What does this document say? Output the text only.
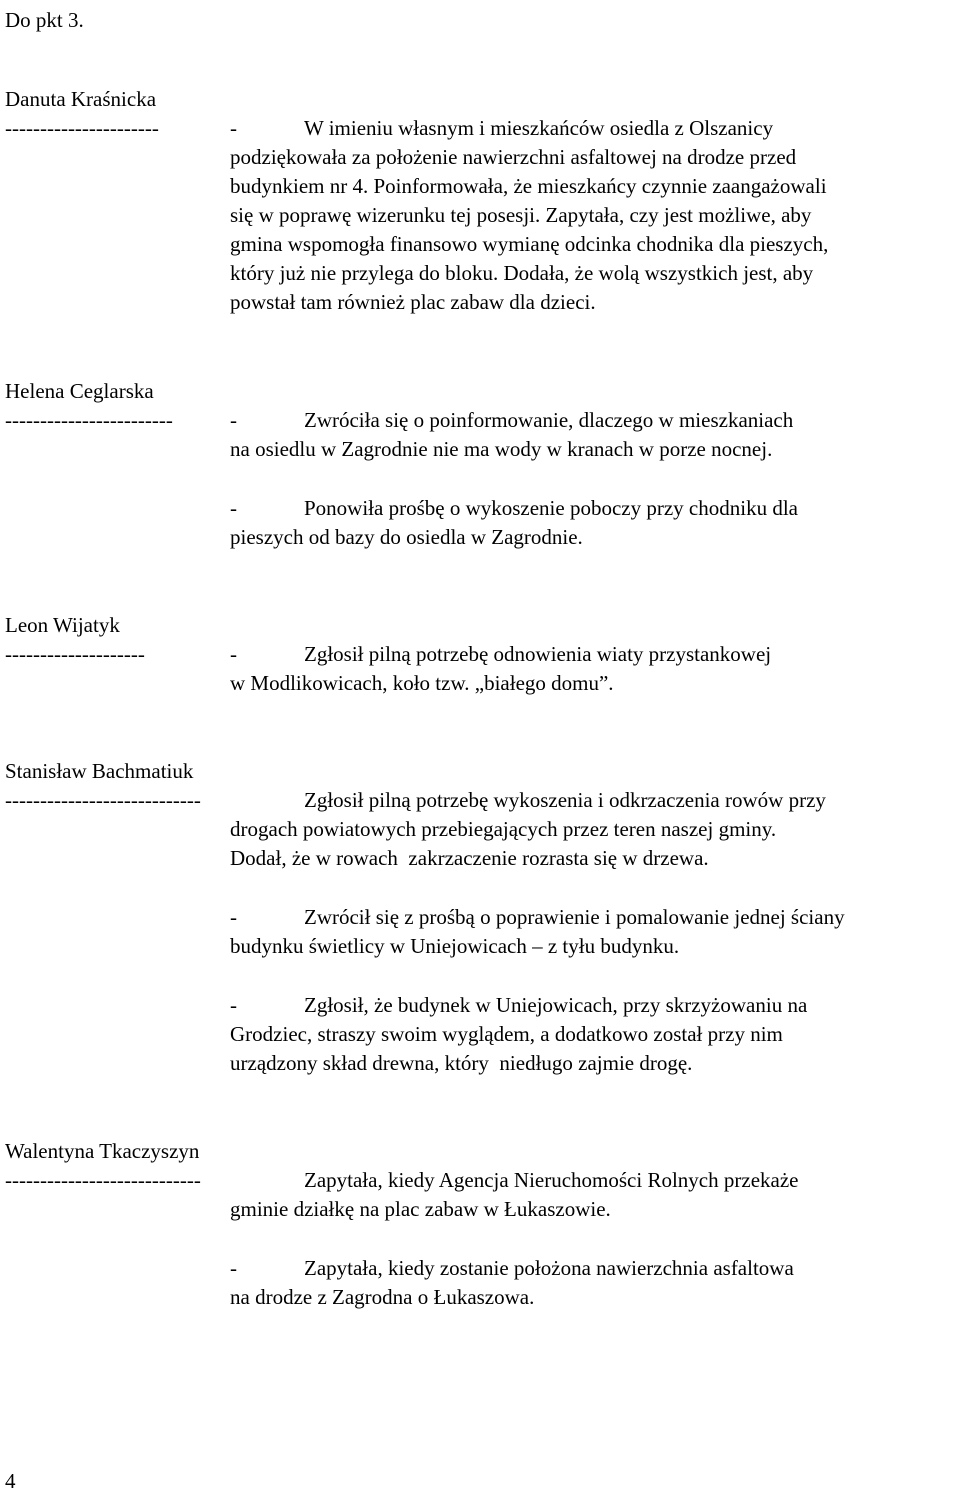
Do pkt 3.
Danuta Kraśnicka
----------------------	-	W imieniu własnym i mieszkańców osiedla z Olszanicy
podziękowała za położenie nawierzchni asfaltowej na drodze przed
budynkiem nr 4. Poinformowała, że mieszkańcy czynnie zaangażowali
się w poprawę wizerunku tej posesji. Zapytała, czy jest możliwe, aby
gmina wspomogła finansowo wymianę odcinka chodnika dla pieszych,
który już nie przylega do bloku. Dodała, że wolą wszystkich jest, aby
powstał tam również plac zabaw dla dzieci.
Helena Ceglarska
------------------------	-	Zwróciła się o poinformowanie, dlaczego w mieszkaniach
na osiedlu w Zagrodnie nie ma wody w kranach w porze nocnej.
-	Ponowiła prośbę o wykoszenie poboczy przy chodniku dla
pieszych od bazy do osiedla w Zagrodnie.
Leon Wijatyk
--------------------	-	Zgłosił pilną potrzebę odnowienia wiaty przystankowej
w Modlikowicach, koło tzw. „białego domu”.
Stanisław Bachmatiuk
----------------------------	Zgłosił pilną potrzebę wykoszenia i odkrzaczenia rowów przy
drogach powiatowych przebiegających przez teren naszej gminy.
Dodał, że w rowach  zakrzaczenie rozrasta się w drzewa.
-	Zwrócił się z prośbą o poprawienie i pomalowanie jednej ściany
budynku świetlicy w Uniejowicach – z tyłu budynku.
-	Zgłosił, że budynek w Uniejowicach, przy skrzyżowaniu na
Grodziec, straszy swoim wyglądem, a dodatkowo został przy nim
urządzony skład drewna, który  niedługo zajmie drogę.
Walentyna Tkaczyszyn
----------------------------	Zapytała, kiedy Agencja Nieruchomości Rolnych przekaże
gminie działkę na plac zabaw w Łukaszowie.
-	Zapytała, kiedy zostanie położona nawierzchnia asfaltowa
na drodze z Zagrodna o Łukaszowa.
4
